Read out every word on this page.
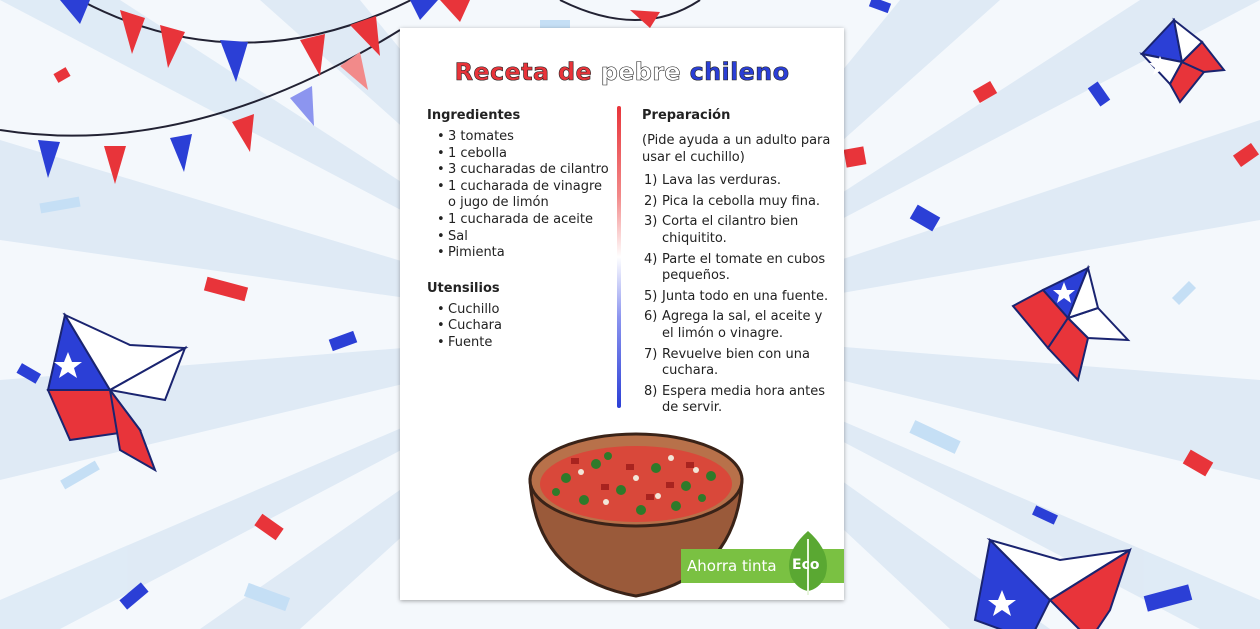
Receta de pebre chileno
Ingredientes
• 3 tomates
• 1 cebolla
• 3 cucharadas de cilantro
• 1 cucharada de vinagre o jugo de limón
• 1 cucharada de aceite
• Sal
• Pimienta
Utensilios
• Cuchillo
• Cuchara
• Fuente
Preparación
(Pide ayuda a un adulto para usar el cuchillo)
1) Lava las verduras.
2) Pica la cebolla muy fina.
3) Corta el cilantro bien chiquitito.
4) Parte el tomate en cubos pequeños.
5) Junta todo en una fuente.
6) Agrega la sal, el aceite y el limón o vinagre.
7) Revuelve bien con una cuchara.
8) Espera media hora antes de servir.
Ahorra tinta Eco
